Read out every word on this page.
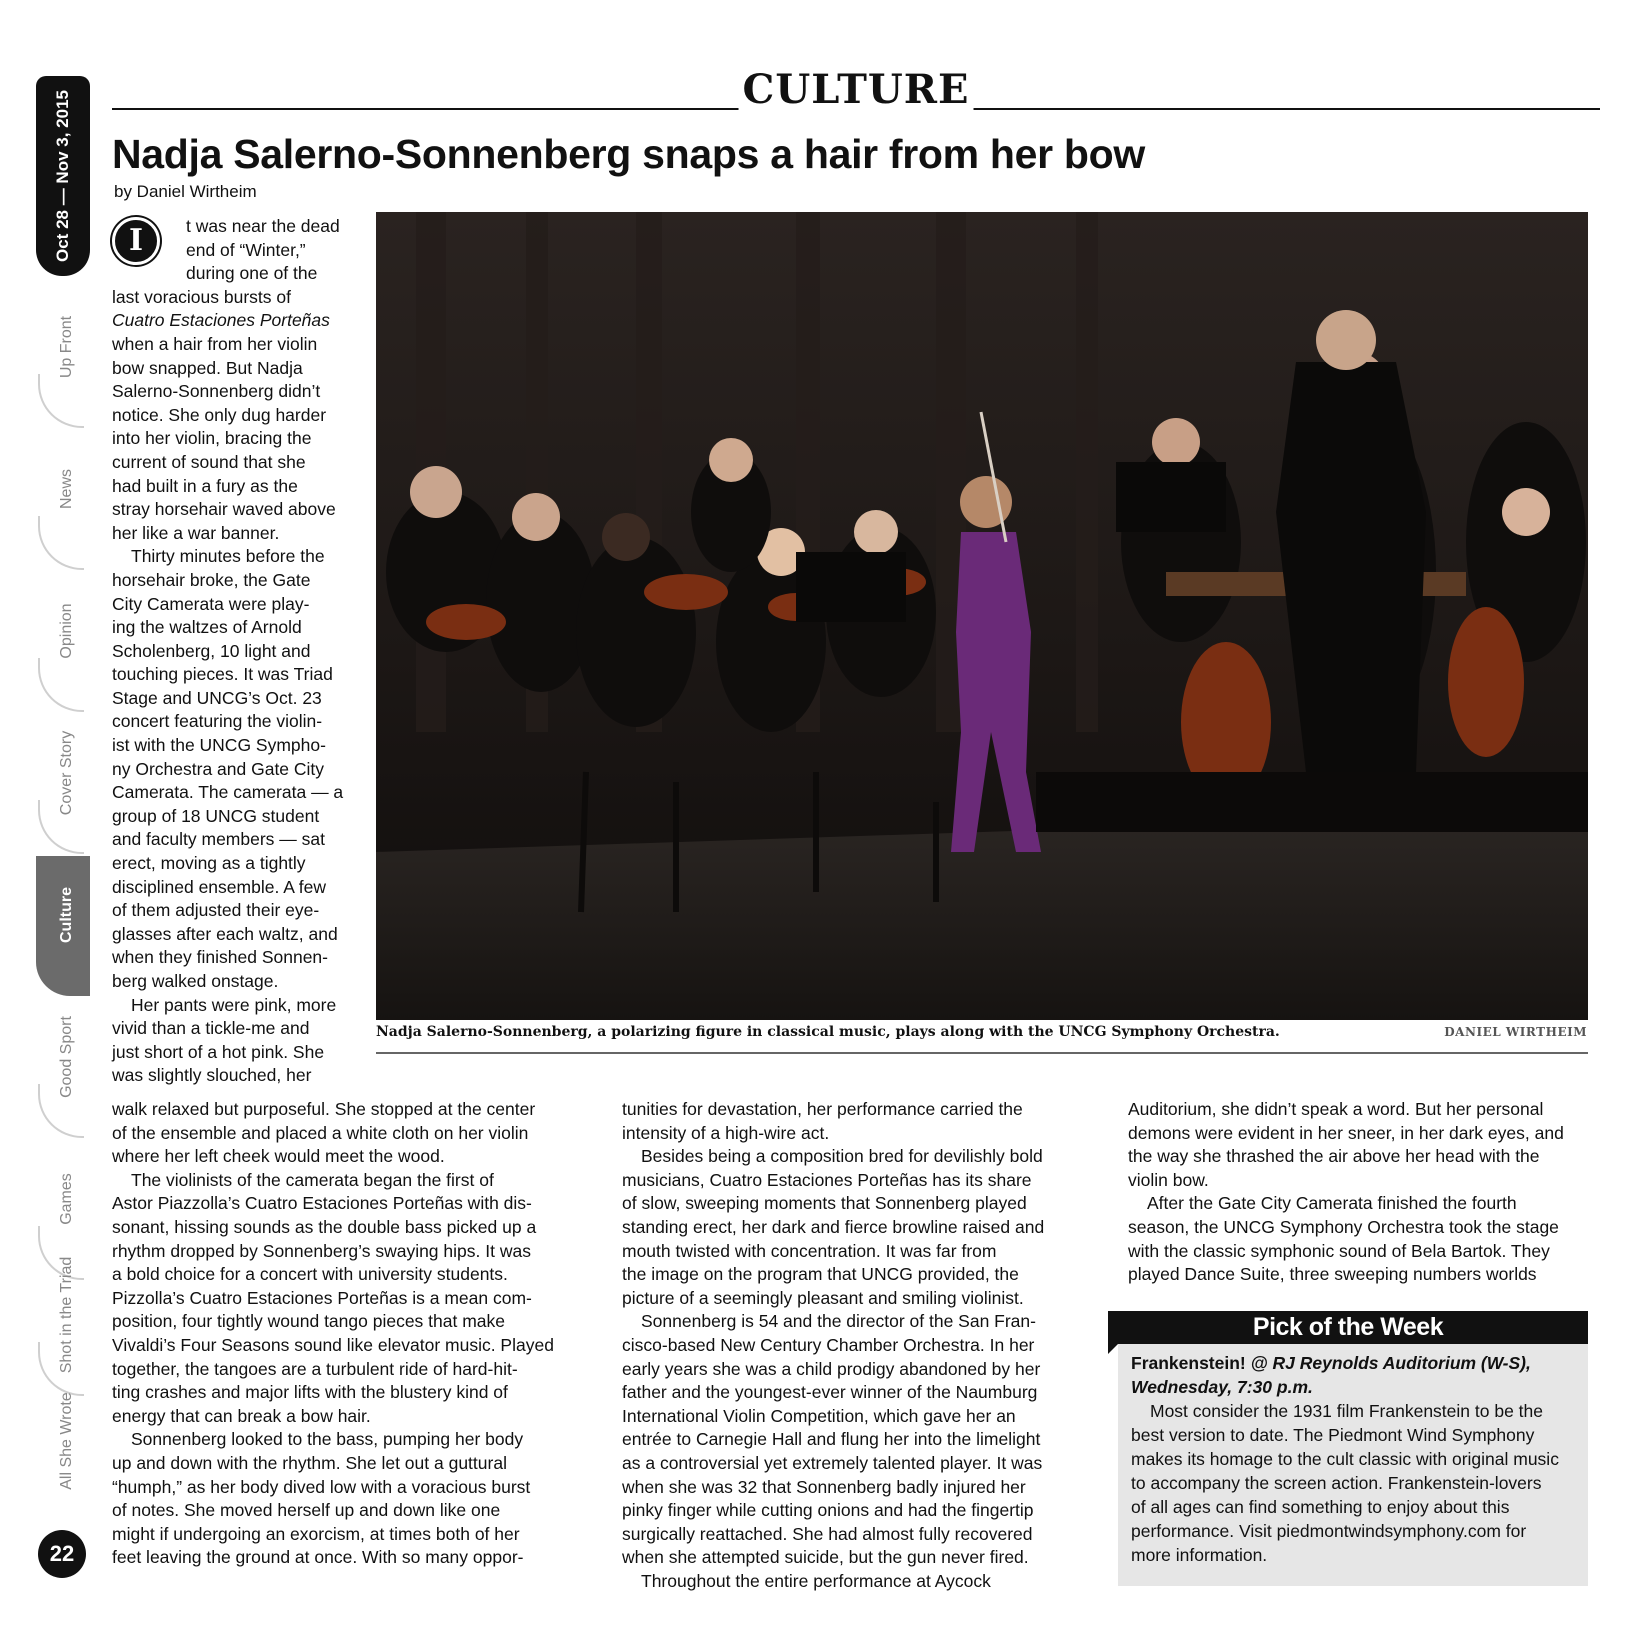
Oct 28 — Nov 3, 2015
Up Front
News
Opinion
Cover Story
Culture
Good Sport
Games
Shot in the Triad
All She Wrote
22
CULTURE
Nadja Salerno-Sonnenberg snaps a hair from her bow
by Daniel Wirtheim
I	t was near the dead

end of “Winter,”

during one of the

last voracious bursts of

Cuatro Estaciones Porteñas

when a hair from her violin

bow snapped. But Nadja

Salerno-Sonnenberg didn’t

notice. She only dug harder

into her violin, bracing the

current of sound that she

had built in a fury as the

stray horsehair waved above

her like a war banner.

Thirty minutes before the

horsehair broke, the Gate

City Camerata were play-

ing the waltzes of Arnold

Scholenberg, 10 light and

touching pieces. It was Triad

Stage and UNCG’s Oct. 23

concert featuring the violin-

ist with the UNCG Sympho-

ny Orchestra and Gate City

Camerata. The camerata — a

group of 18 UNCG student

and faculty members — sat

erect, moving as a tightly

disciplined ensemble. A few

of them adjusted their eye-

glasses after each waltz, and

when they finished Sonnen-

berg walked onstage.

Her pants were pink, more

vivid than a tickle-me and

just short of a hot pink. She

was slightly slouched, her

walk relaxed but purposeful. She stopped at the center

of the ensemble and placed a white cloth on her violin

where her left cheek would meet the wood.

The violinists of the camerata began the first of

Astor Piazzolla’s Cuatro Estaciones Porteñas with dis-

sonant, hissing sounds as the double bass picked up a

rhythm dropped by Sonnenberg’s swaying hips. It was

a bold choice for a concert with university students.

Pizzolla’s Cuatro Estaciones Porteñas is a mean com-

position, four tightly wound tango pieces that make

Vivaldi’s Four Seasons sound like elevator music. Played

together, the tangoes are a turbulent ride of hard-hit-

ting crashes and major lifts with the blustery kind of

energy that can break a bow hair.

Sonnenberg looked to the bass, pumping her body

up and down with the rhythm. She let out a guttural

“humph,” as her body dived low with a voracious burst

of notes. She moved herself up and down like one

might if undergoing an exorcism, at times both of her

feet leaving the ground at once. With so many oppor-

Nadja Salerno-Sonnenberg, a polarizing figure in classical music, plays along with the UNCG Symphony Orchestra.	DANIEL WIRTHEIM

tunities for devastation, her performance carried the

intensity of a high-wire act.

Besides being a composition bred for devilishly bold

musicians, Cuatro Estaciones Porteñas has its share

of slow, sweeping moments that Sonnenberg played

standing erect, her dark and fierce browline raised and

mouth twisted with concentration. It was far from

the image on the program that UNCG provided, the

picture of a seemingly pleasant and smiling violinist.

Sonnenberg is 54 and the director of the San Fran-

cisco-based New Century Chamber Orchestra. In her

early years she was a child prodigy abandoned by her

father and the youngest-ever winner of the Naumburg

International Violin Competition, which gave her an

entrée to Carnegie Hall and flung her into the limelight

as a controversial yet extremely talented player. It was

when she was 32 that Sonnenberg badly injured her

pinky finger while cutting onions and had the fingertip

surgically reattached. She had almost fully recovered

when she attempted suicide, but the gun never fired.

Throughout the entire performance at Aycock

Auditorium, she didn’t speak a word. But her personal

demons were evident in her sneer, in her dark eyes, and

the way she thrashed the air above her head with the

violin bow.

After the Gate City Camerata finished the fourth

season, the UNCG Symphony Orchestra took the stage

with the classic symphonic sound of Bela Bartok. They

played Dance Suite, three sweeping numbers worlds

Pick of the Week

Frankenstein! @ RJ Reynolds Auditorium (W-S),

Wednesday, 7:30 p.m.

Most consider the 1931 film Frankenstein to be the

best version to date. The Piedmont Wind Symphony

makes its homage to the cult classic with original music

to accompany the screen action. Frankenstein-lovers

of all ages can find something to enjoy about this

performance. Visit piedmontwindsymphony.com for

more information.
